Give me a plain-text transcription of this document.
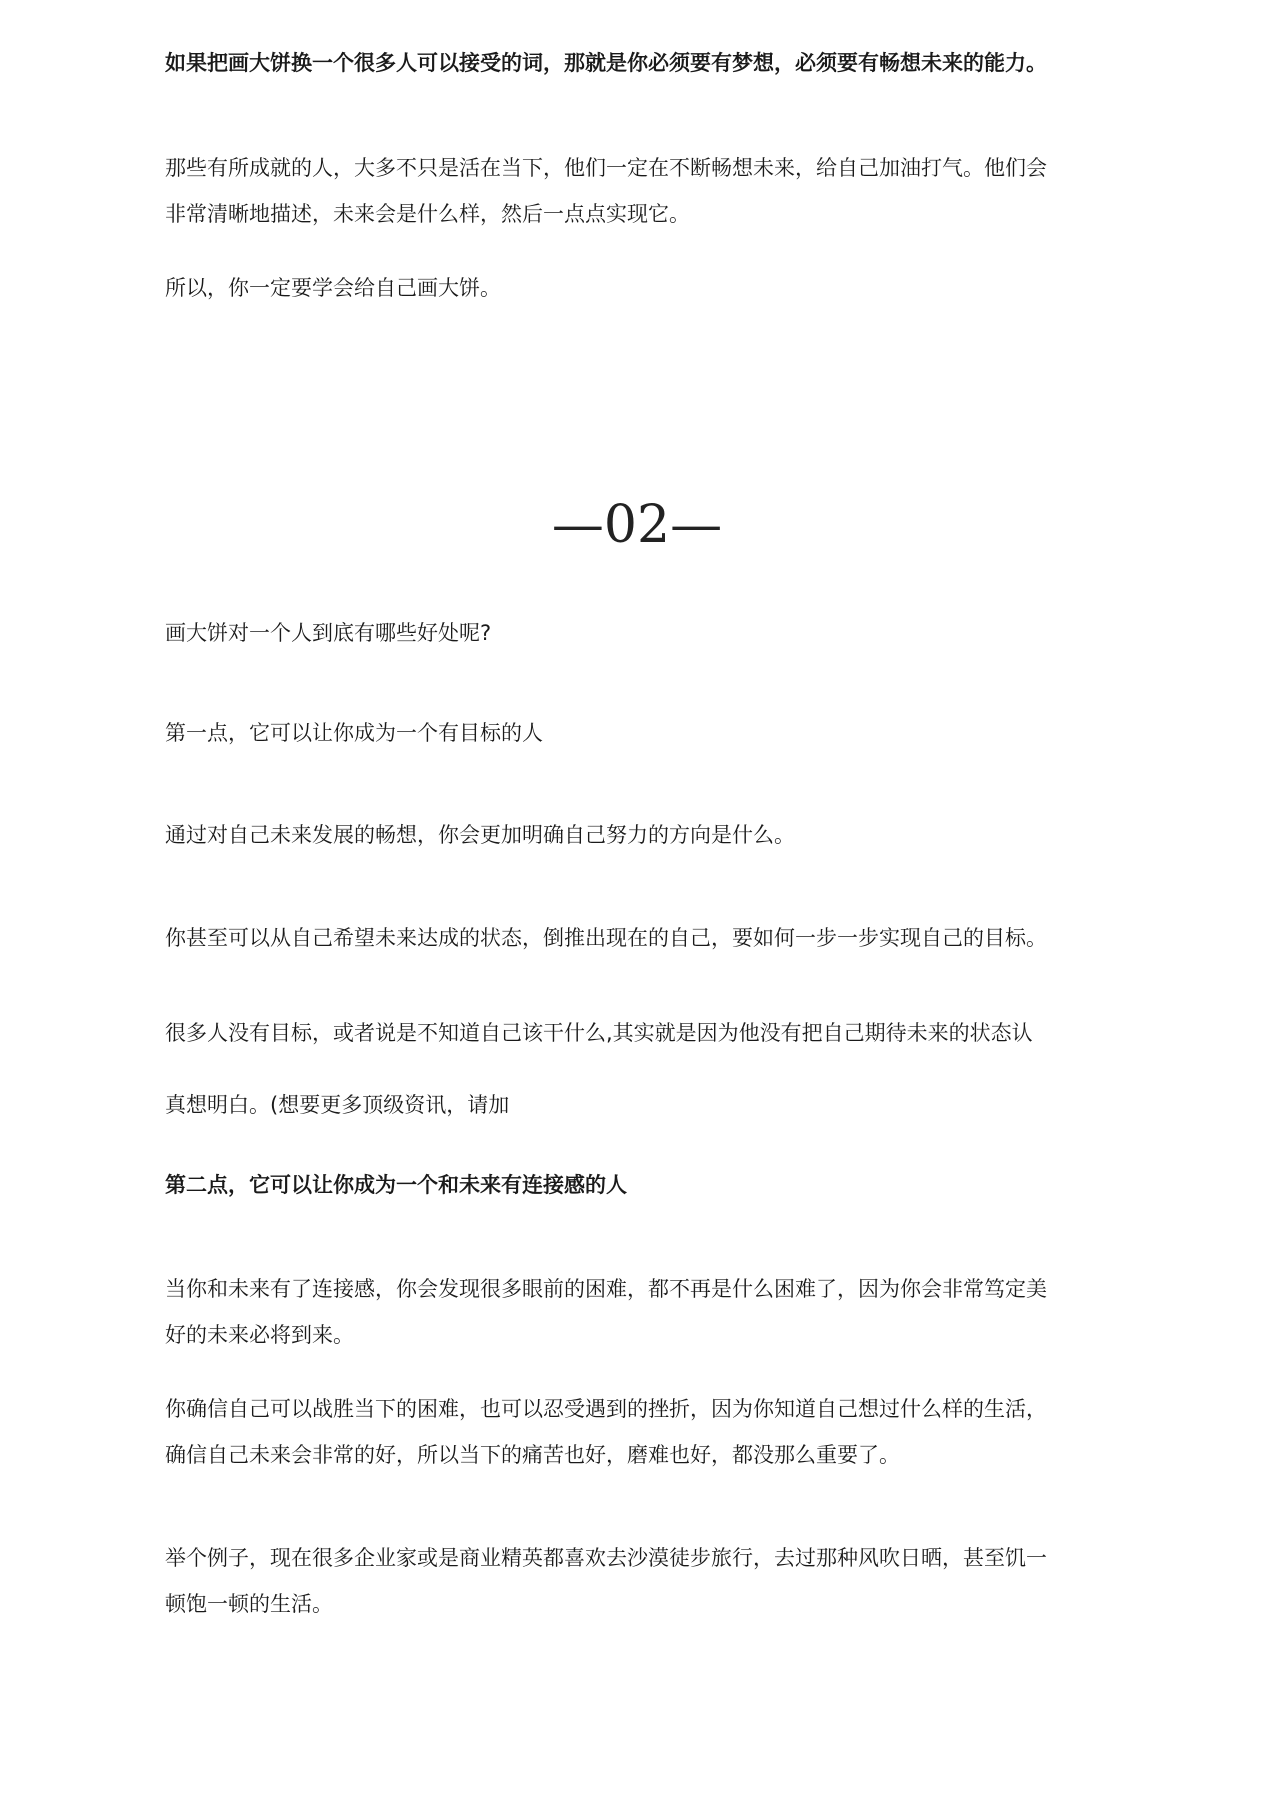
如果把画大饼换一个很多人可以接受的词，那就是你必须要有梦想，必须要有畅想未来的能力。

那些有所成就的人，大多不只是活在当下，他们一定在不断畅想未来，给自己加油打气。他们会

非常清晰地描述，未来会是什么样，然后一点点实现它。

所以，你一定要学会给自己画大饼。

—02—

画大饼对一个人到底有哪些好处呢?

第一点，它可以让你成为一个有目标的人

通过对自己未来发展的畅想，你会更加明确自己努力的方向是什么。

你甚至可以从自己希望未来达成的状态，倒推出现在的自己，要如何一步一步实现自己的目标。

很多人没有目标，或者说是不知道自己该干什么,其实就是因为他没有把自己期待未来的状态认

真想明白。(想要更多顶级资讯，请加

第二点，它可以让你成为一个和未来有连接感的人

当你和未来有了连接感，你会发现很多眼前的困难，都不再是什么困难了，因为你会非常笃定美

好的未来必将到来。

你确信自己可以战胜当下的困难，也可以忍受遇到的挫折，因为你知道自己想过什么样的生活，

确信自己未来会非常的好，所以当下的痛苦也好，磨难也好，都没那么重要了。

举个例子，现在很多企业家或是商业精英都喜欢去沙漠徒步旅行，去过那种风吹日晒，甚至饥一

顿饱一顿的生活。
